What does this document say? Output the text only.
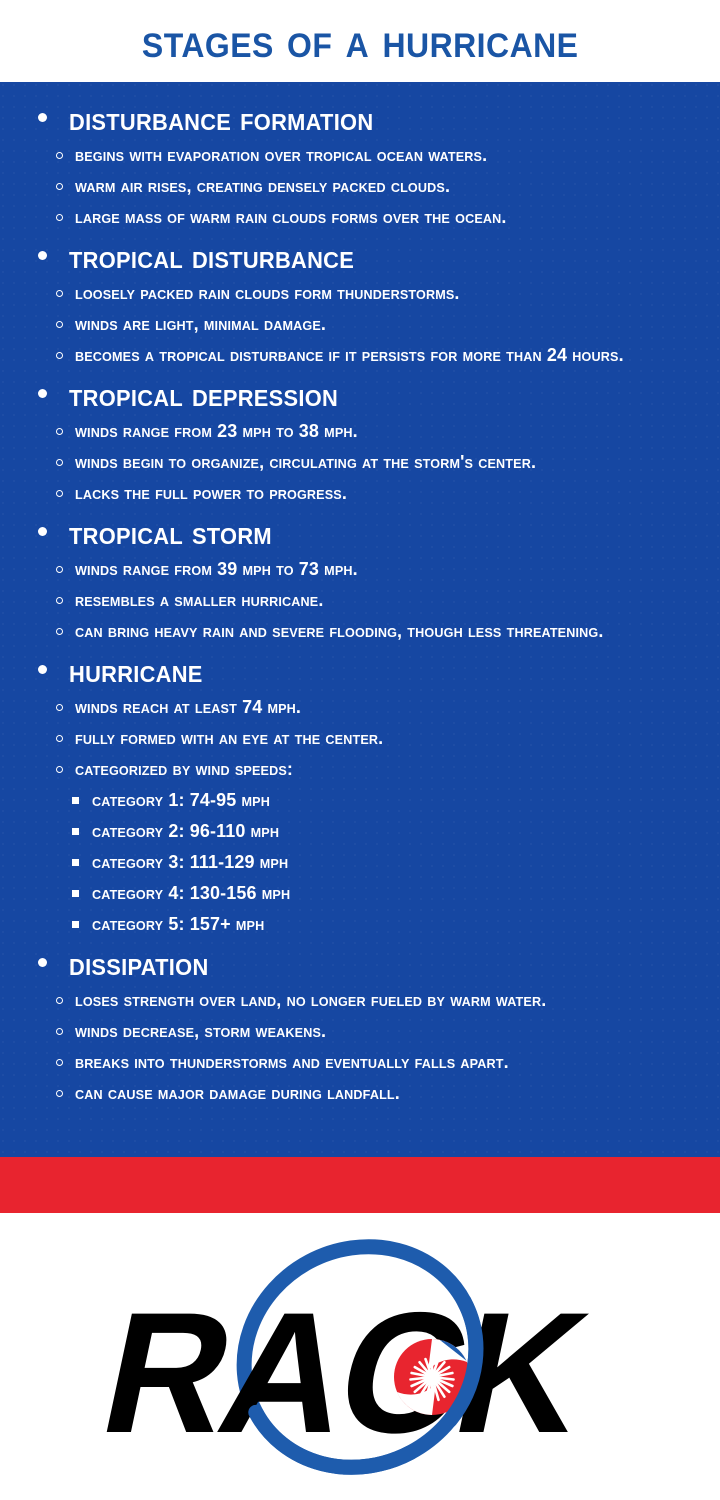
stages of a hurricane
disturbance formation
begins with evaporation over tropical ocean waters.
warm air rises, creating densely packed clouds.
large mass of warm rain clouds forms over the ocean.
tropical disturbance
loosely packed rain clouds form thunderstorms.
winds are light, minimal damage.
becomes a tropical disturbance if it persists for more than 24 hours.
tropical depression
winds range from 23 mph to 38 mph.
winds begin to organize, circulating at the storm's center.
lacks the full power to progress.
tropical storm
winds range from 39 mph to 73 mph.
resembles a smaller hurricane.
can bring heavy rain and severe flooding, though less threatening.
hurricane
winds reach at least 74 mph.
fully formed with an eye at the center.
categorized by wind speeds:
category 1: 74-95 mph
category 2: 96-110 mph
category 3: 111-129 mph
category 4: 130-156 mph
category 5: 157+ mph
dissipation
loses strength over land, no longer fueled by warm water.
winds decrease, storm weakens.
breaks into thunderstorms and eventually falls apart.
can cause major damage during landfall.
RACK
